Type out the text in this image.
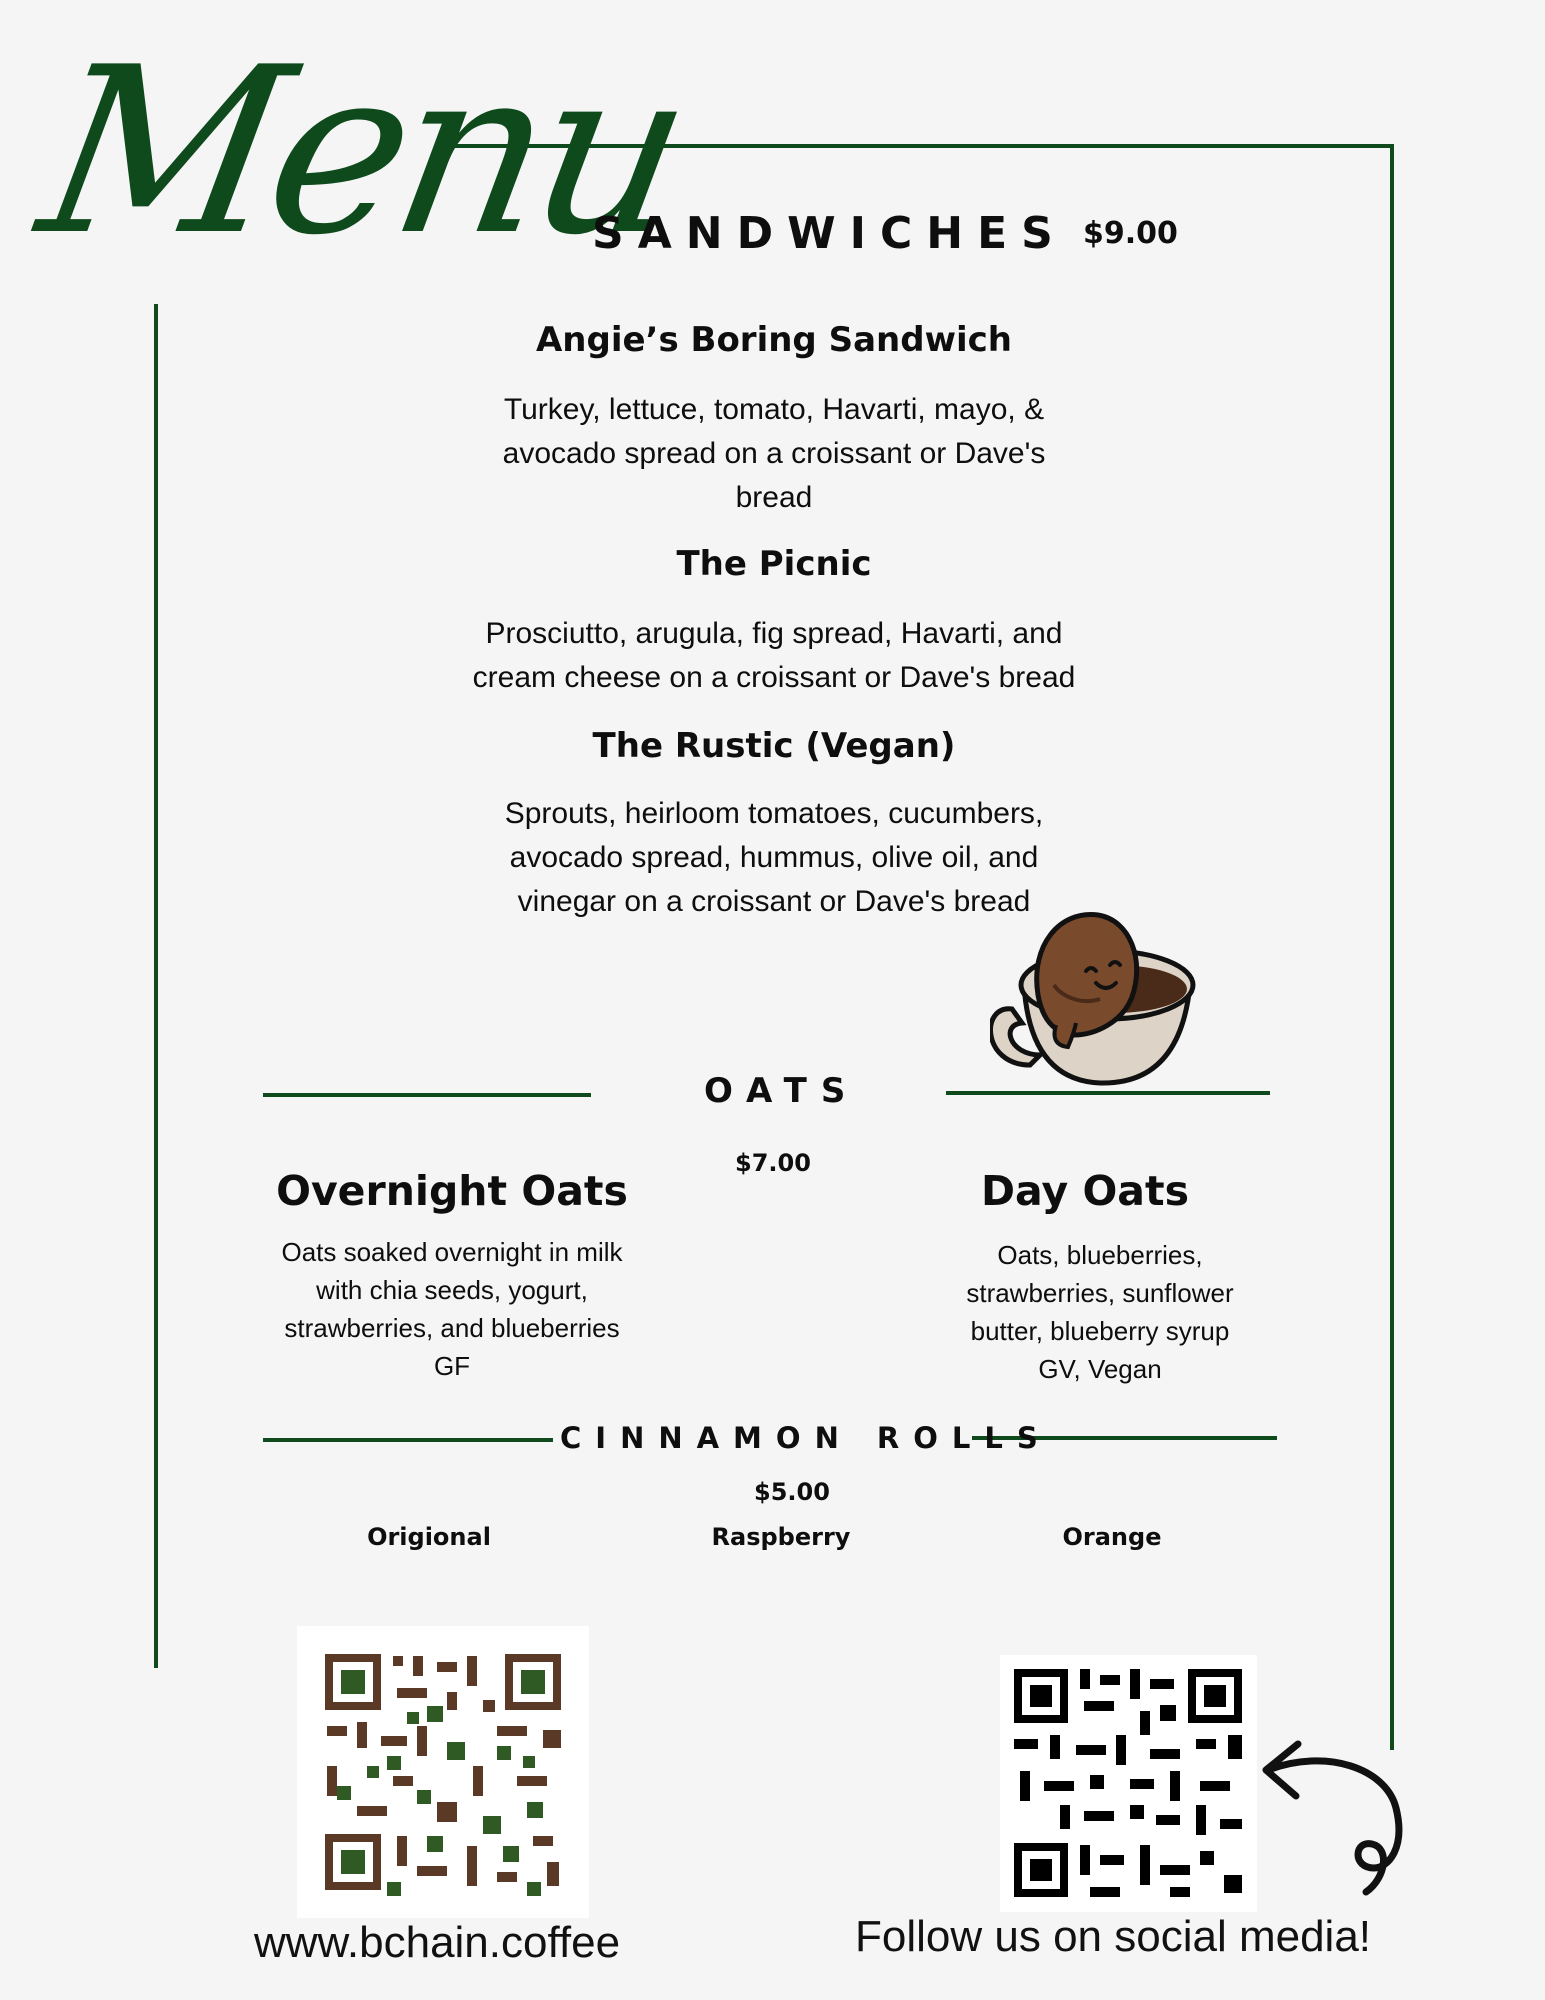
Menu
SANDWICHES $9.00
Angie’s Boring Sandwich
Turkey, lettuce, tomato, Havarti, mayo, & avocado spread on a croissant or Dave's bread
The Picnic
Prosciutto, arugula, fig spread, Havarti, and cream cheese on a croissant or Dave's bread
The Rustic (Vegan)
Sprouts, heirloom tomatoes, cucumbers, avocado spread, hummus, olive oil, and vinegar on a croissant or Dave's bread
OATS
$7.00
Overnight Oats
Oats soaked overnight in milk with chia seeds, yogurt, strawberries, and blueberries
GF
Day Oats
Oats, blueberries, strawberries, sunflower butter, blueberry syrup
GV, Vegan
CINNAMON ROLLS
$5.00
Origional	Raspberry	Orange
www.bchain.coffee	Follow us on social media!
